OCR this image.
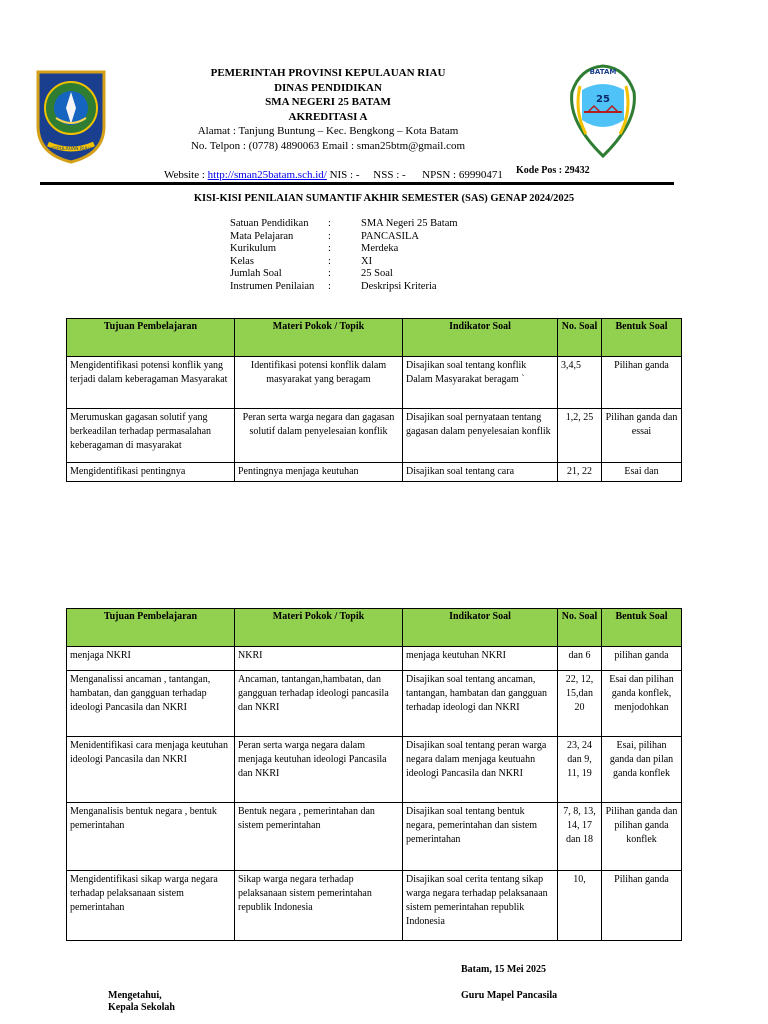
KEPULAUAN RIAU
BATAM
25
PEMERINTAH PROVINSI KEPULAUAN RIAU
DINAS PENDIDIKAN
SMA NEGERI 25 BATAM
AKREDITASI A
Alamat : Tanjung Buntung – Kec. Bengkong – Kota Batam
No. Telpon : (0778) 4890063 Email : sman25btm@gmail.com

Website : http://sman25batam.sch.id/ NIS : -     NSS : -      NPSN : 69990471
	Kode Pos : 29432
KISI-KISI PENILAIAN SUMANTIF AKHIR SEMESTER (SAS) GENAP 2024/2025
Satuan Pendidikan	:	SMA Negeri 25 Batam
Mata Pelajaran	:	PANCASILA
Kurikulum	:	Merdeka
Kelas	:	XI
Jumlah Soal	:	25 Soal
Instrumen Penilaian	:	Deskripsi Kriteria
Tujuan Pembelajaran	Materi Pokok / Topik	Indikator Soal	No. Soal	Bentuk Soal
Mengidentifikasi potensi konflik yang terjadi dalam keberagaman Masyarakat	Identifikasi potensi konflik dalam masyarakat yang beragam	Disajikan soal tentang konflik Dalam Masyarakat beragam `	3,4,5	Pilihan ganda
Merumuskan gagasan solutif yang berkeadilan terhadap permasalahan keberagaman di masyarakat	Peran serta warga negara dan gagasan solutif dalam penyelesaian konflik	Disajikan soal pernyataan tentang gagasan dalam penyelesaian konflik	1,2, 25	Pilihan ganda dan essai
Mengidentifikasi pentingnya	Pentingnya menjaga keutuhan	Disajikan soal tentang cara	21, 22	Esai dan
Tujuan Pembelajaran	Materi Pokok / Topik	Indikator Soal	No. Soal	Bentuk Soal
menjaga NKRI	NKRI	menjaga keutuhan NKRI	dan 6	pilihan ganda
Menganalissi ancaman , tantangan, hambatan, dan gangguan terhadap ideologi Pancasila dan NKRI	Ancaman, tantangan,hambatan, dan gangguan terhadap ideologi pancasila dan NKRI	Disajikan soal tentang ancaman, tantangan, hambatan dan gangguan terhadap ideologi dan NKRI	22, 12, 15,dan 20	Esai dan pilihan ganda konflek, menjodohkan
Menidentifikasi cara menjaga keutuhan ideologi Pancasila dan NKRI	Peran serta warga negara dalam menjaga keutuhan ideologi Pancasila dan NKRI	Disajikan soal tentang peran warga negara dalam menjaga keutuahn ideologi Pancasila dan NKRI	23, 24 dan 9, 11, 19	Esai, pilihan ganda dan pilan ganda konflek
Menganalisis bentuk negara , bentuk pemerintahan	Bentuk negara , pemerintahan dan sistem pemerintahan	Disajikan soal tentang bentuk negara, pemerintahan dan sistem pemerintahan	7, 8, 13, 14, 17 dan 18	Pilihan ganda dan pilihan ganda konflek
Mengidentifikasi sikap warga negara terhadap pelaksanaan sistem pemerintahan	Sikap warga negara terhadap pelaksanaan sistem pemerintahan republik Indonesia	Disajikan soal cerita tentang sikap warga negara terhadap pelaksanaan sistem pemerintahan republik Indonesia	10,	Pilihan ganda
Batam, 15 Mei 2025
Mengetahui,
Kepala Sekolah
Guru Mapel Pancasila
